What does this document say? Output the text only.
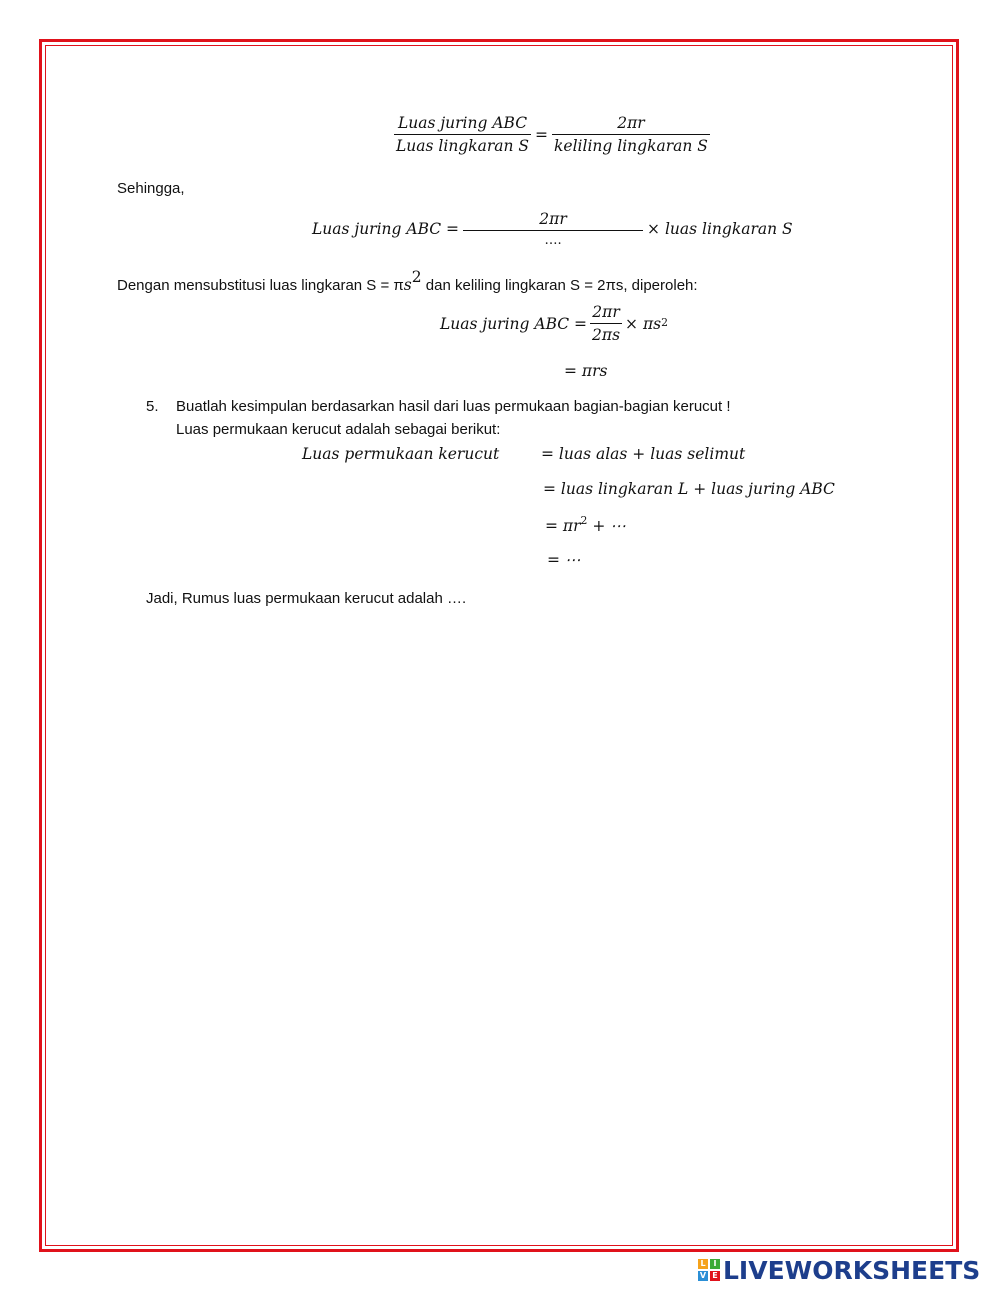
$\frac{\text{Luas juring ABC}}{\text{Luas lingkaran S}} = \frac{2\pi r}{\text{keliling lingkaran S}}$
Sehingga,
Luas juring ABC = $\frac{2\pi r}{\dots.}$ × luas lingkaran S
Dengan mensubstitusi luas lingkaran $S = \pi s^2$ dan keliling lingkaran S = 2πs, diperoleh:
Luas juring ABC = $\frac{2\pi r}{2\pi s} \times \pi$ $s^2$
= πrs
5. Buatlah kesimpulan berdasarkan hasil dari luas permukaan bagian-bagian kerucut !
Luas permukaan kerucut adalah sebagai berikut:
Luas permukaan kerucut	= luas alas + luas selimut
= luas lingkaran L + luas juring ABC
= $\pi r^2$ + ⋯
= ⋯
Jadi, Rumus luas permukaan kerucut adalah ….
L I
V E LIVEWORKSHEETS
